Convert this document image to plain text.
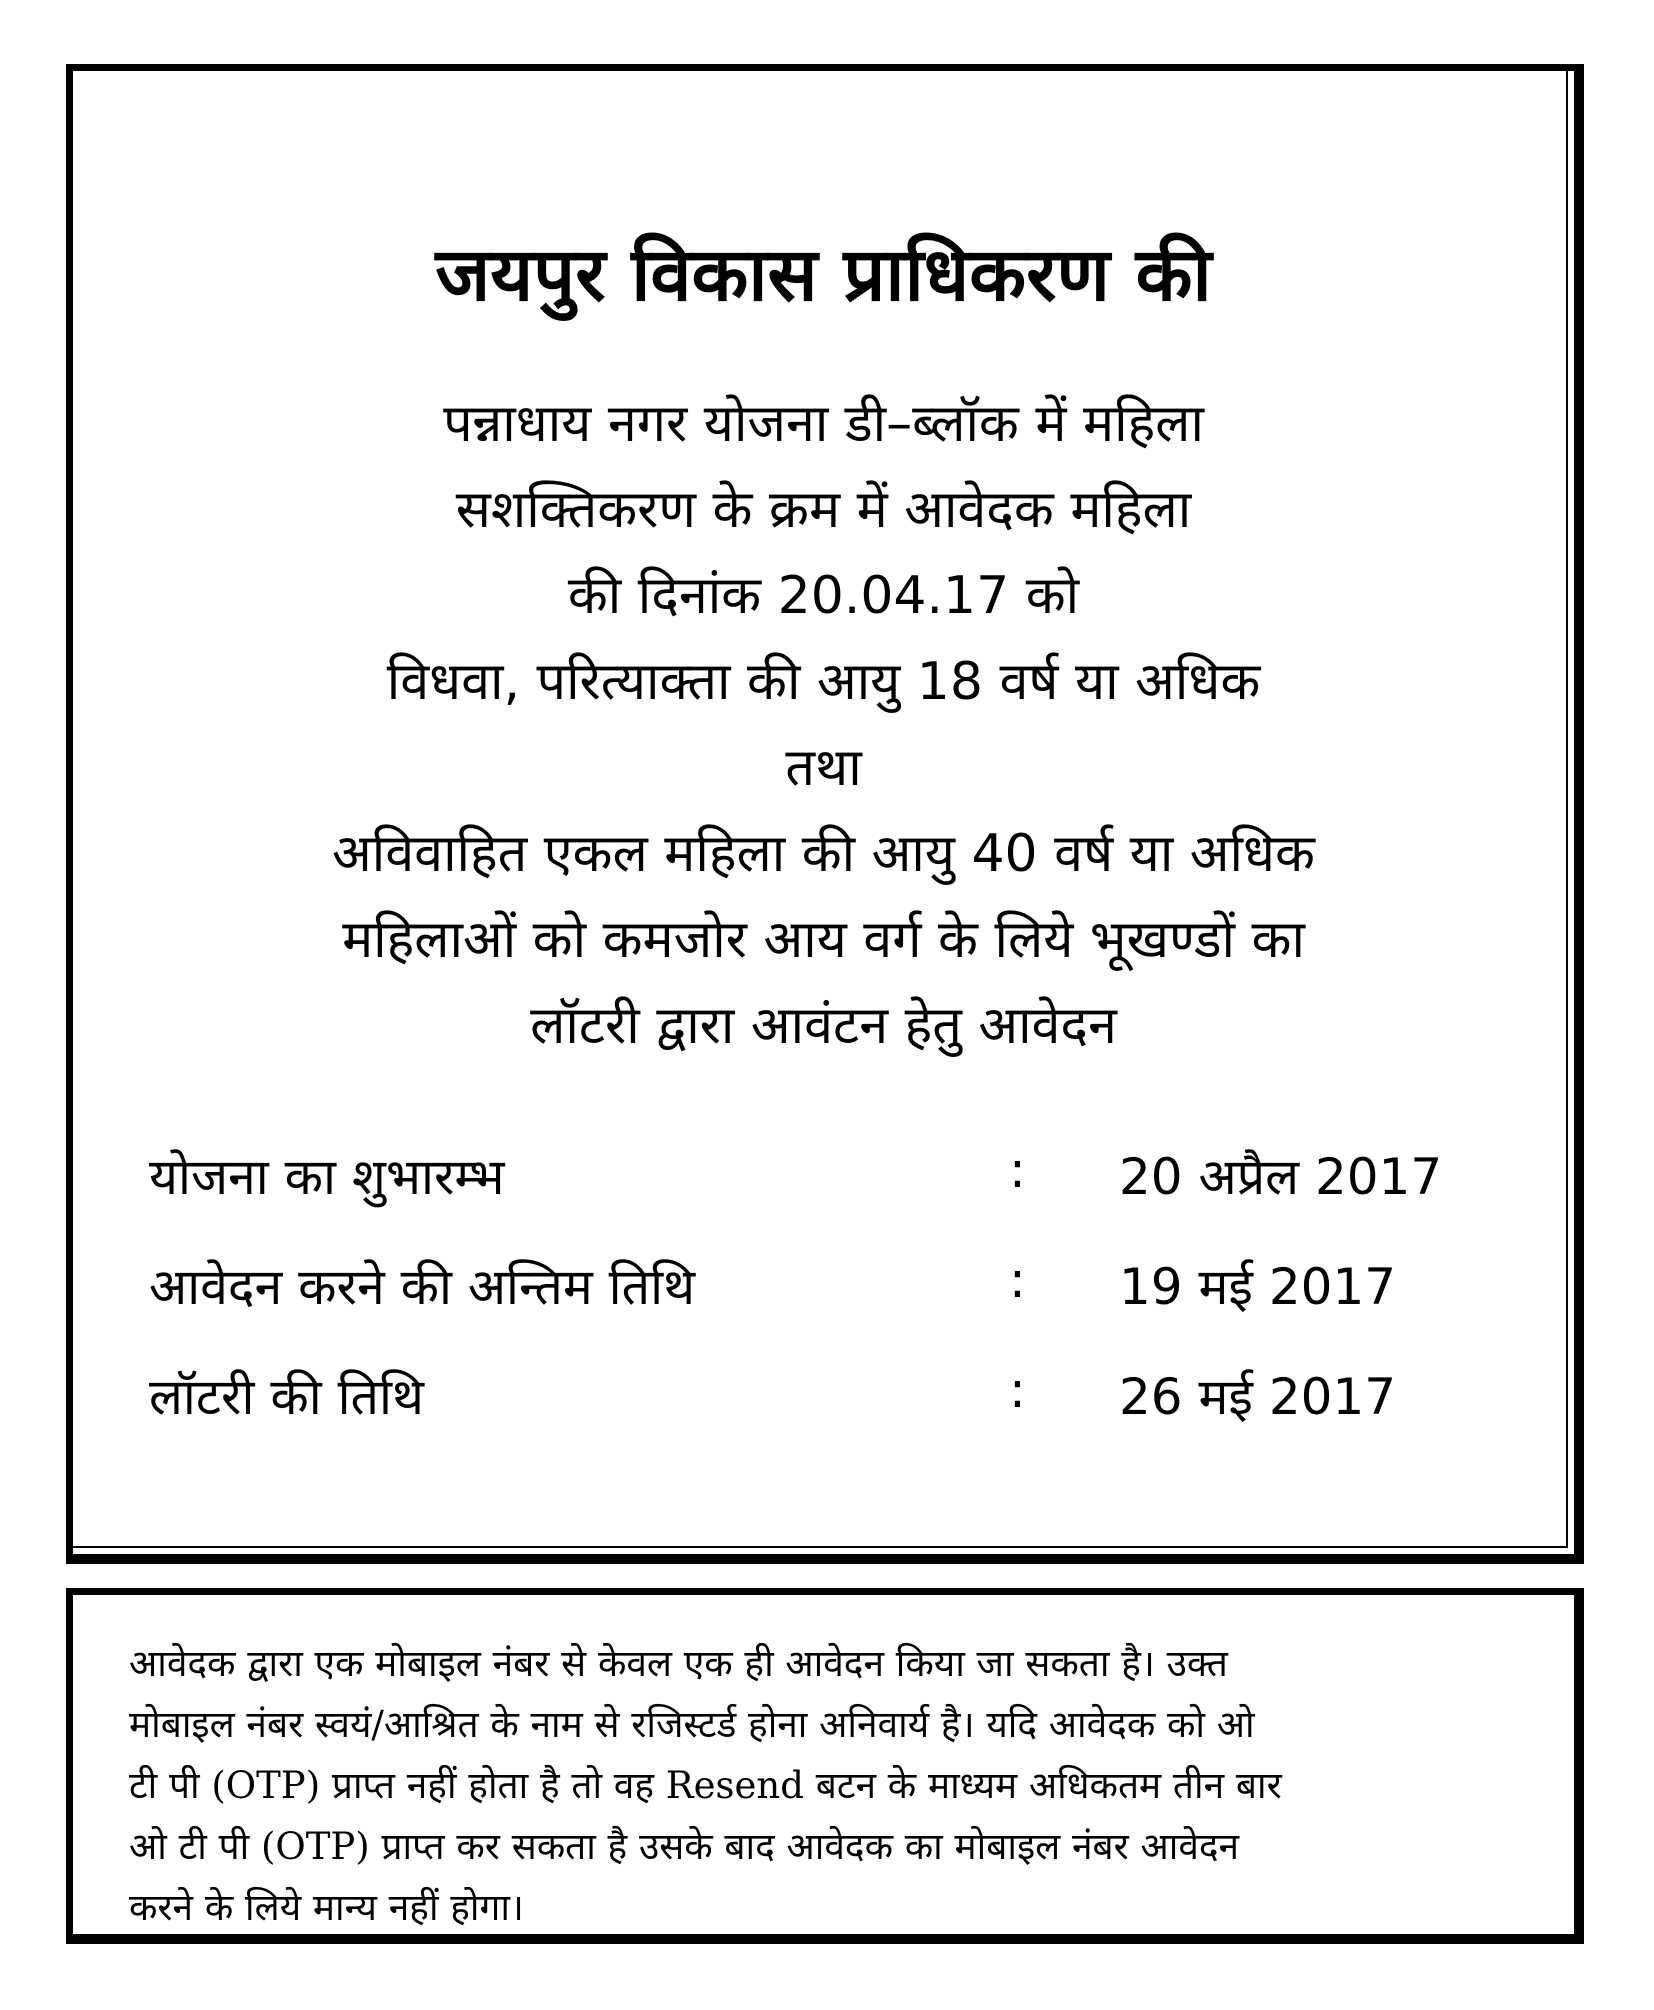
जयपुर विकास प्राधिकरण की
पन्नाधाय नगर योजना डी–ब्लॉक में महिला
सशक्तिकरण के क्रम में आवेदक महिला
की दिनांक 20.04.17 को
विधवा, परित्याक्ता की आयु 18 वर्ष या अधिक
तथा
अविवाहित एकल महिला की आयु 40 वर्ष या अधिक
महिलाओं को कमजोर आय वर्ग के लिये भूखण्डों का
लॉटरी द्वारा आवंटन हेतु आवेदन
योजना का शुभारम्भ	: 20 अप्रैल 2017
आवेदन करने की अन्तिम तिथि	: 19 मई 2017
लॉटरी की तिथि	: 26 मई 2017
आवेदक द्वारा एक मोबाइल नंबर से केवल एक ही आवेदन किया जा सकता है। उक्त
मोबाइल नंबर स्वयं/आश्रित के नाम से रजिस्टर्ड होना अनिवार्य है। यदि आवेदक को ओ
टी पी (OTP) प्राप्त नहीं होता है तो वह Resend बटन के माध्यम अधिकतम तीन बार
ओ टी पी (OTP) प्राप्त कर सकता है उसके बाद आवेदक का मोबाइल नंबर आवेदन
करने के लिये मान्य नहीं होगा।
